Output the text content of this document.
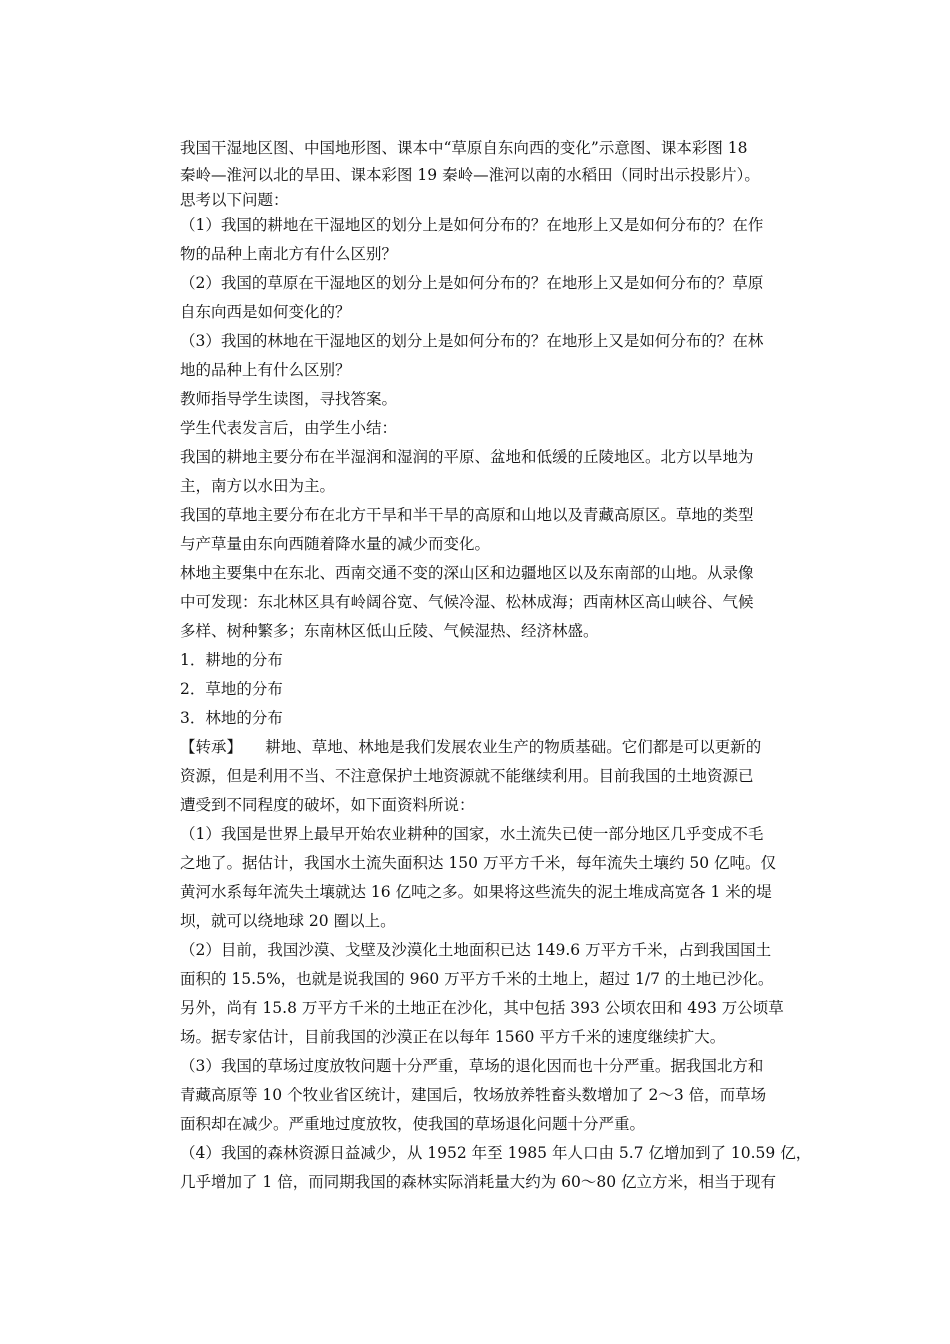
我国干湿地区图、中国地形图、课本中“草原自东向西的变化”示意图、课本彩图 18
秦岭—淮河以北的旱田、课本彩图 19 秦岭—淮河以南的水稻田（同时出示投影片）。
思考以下问题：
（1）我国的耕地在干湿地区的划分上是如何分布的？在地形上又是如何分布的？在作
物的品种上南北方有什么区别？
（2）我国的草原在干湿地区的划分上是如何分布的？在地形上又是如何分布的？草原
自东向西是如何变化的？
（3）我国的林地在干湿地区的划分上是如何分布的？在地形上又是如何分布的？在林
地的品种上有什么区别？
教师指导学生读图，寻找答案。
学生代表发言后，由学生小结：
我国的耕地主要分布在半湿润和湿润的平原、盆地和低缓的丘陵地区。北方以旱地为
主，南方以水田为主。
我国的草地主要分布在北方干旱和半干旱的高原和山地以及青藏高原区。草地的类型
与产草量由东向西随着降水量的减少而变化。
林地主要集中在东北、西南交通不变的深山区和边疆地区以及东南部的山地。从录像
中可发现：东北林区具有岭阔谷宽、气候冷湿、松林成海；西南林区高山峡谷、气候
多样、树种繁多；东南林区低山丘陵、气候湿热、经济林盛。
1．耕地的分布
2．草地的分布
3．林地的分布
【转承】　　耕地、草地、林地是我们发展农业生产的物质基础。它们都是可以更新的
资源，但是利用不当、不注意保护土地资源就不能继续利用。目前我国的土地资源已
遭受到不同程度的破坏，如下面资料所说：
（1）我国是世界上最早开始农业耕种的国家，水土流失已使一部分地区几乎变成不毛
之地了。据估计，我国水土流失面积达 150 万平方千米，每年流失土壤约 50 亿吨。仅
黄河水系每年流失土壤就达 16 亿吨之多。如果将这些流失的泥土堆成高宽各 1 米的堤
坝，就可以绕地球 20 圈以上。
（2）目前，我国沙漠、戈壁及沙漠化土地面积已达 149.6 万平方千米，占到我国国土
面积的 15.5%，也就是说我国的 960 万平方千米的土地上，超过 1/7 的土地已沙化。
另外，尚有 15.8 万平方千米的土地正在沙化，其中包括 393 公顷农田和 493 万公顷草
场。据专家估计，目前我国的沙漠正在以每年 1560 平方千米的速度继续扩大。
（3）我国的草场过度放牧问题十分严重，草场的退化因而也十分严重。据我国北方和
青藏高原等 10 个牧业省区统计，建国后，牧场放养牲畜头数增加了 2～3 倍，而草场
面积却在减少。严重地过度放牧，使我国的草场退化问题十分严重。
（4）我国的森林资源日益减少，从 1952 年至 1985 年人口由 5.7 亿增加到了 10.59 亿，
几乎增加了 1 倍，而同期我国的森林实际消耗量大约为 60～80 亿立方米，相当于现有
